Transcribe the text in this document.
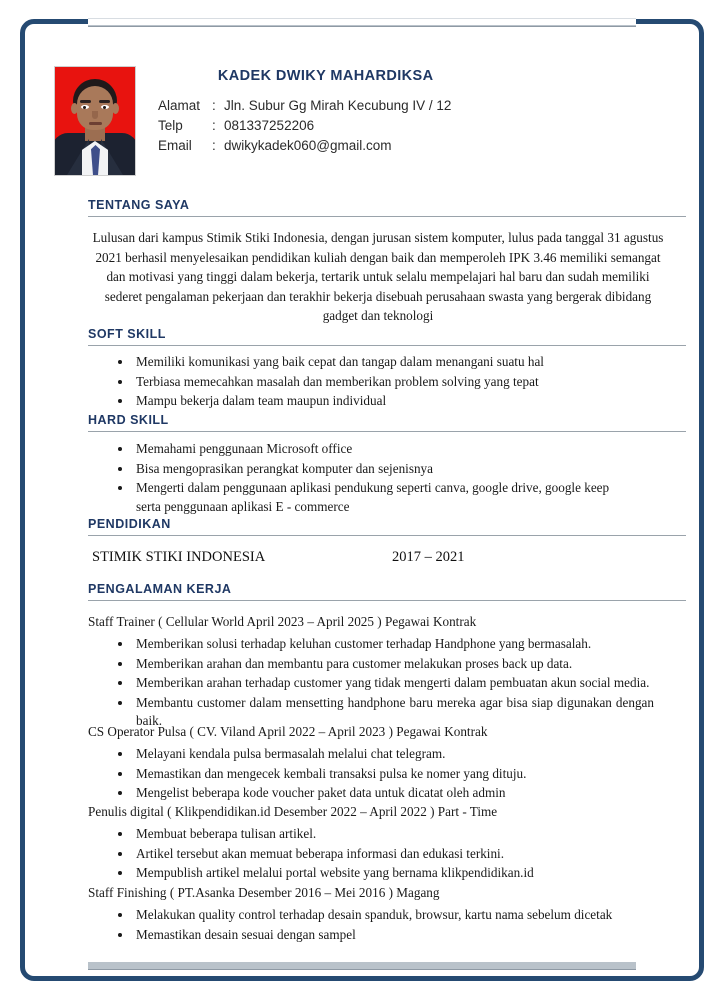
KADEK DWIKY MAHARDIKSA
Alamat : Jln. Subur Gg Mirah Kecubung IV / 12
Telp	: 081337252206
Email	: dwikykadek060@gmail.com
TENTANG SAYA
Lulusan dari kampus Stimik Stiki Indonesia, dengan jurusan sistem komputer, lulus pada tanggal 31 agustus 2021 berhasil menyelesaikan pendidikan kuliah dengan baik dan memperoleh IPK 3.46 memiliki semangat dan motivasi yang tinggi dalam bekerja, tertarik untuk selalu mempelajari hal baru dan sudah memiliki sederet pengalaman pekerjaan dan terakhir bekerja disebuah perusahaan swasta yang bergerak dibidang gadget dan teknologi
SOFT SKILL
Memiliki komunikasi yang baik cepat dan tangap dalam menangani suatu hal
Terbiasa memecahkan masalah dan memberikan problem solving yang tepat
Mampu bekerja dalam team maupun individual
HARD SKILL
Memahami penggunaan Microsoft office
Bisa mengoprasikan perangkat komputer dan sejenisnya
Mengerti dalam penggunaan aplikasi pendukung seperti canva, google drive, google keep serta penggunaan aplikasi E - commerce
PENDIDIKAN
STIMIK STIKI INDONESIA	2017 – 2021
PENGALAMAN KERJA
Staff Trainer ( Cellular World April 2023 – April 2025 ) Pegawai Kontrak
Memberikan solusi terhadap keluhan customer terhadap Handphone yang bermasalah.
Memberikan arahan dan membantu para customer melakukan proses back up data.
Memberikan arahan terhadap customer yang tidak mengerti dalam pembuatan akun social media.
Membantu customer dalam mensetting handphone baru mereka agar bisa siap digunakan dengan baik.
CS Operator Pulsa ( CV. Viland April 2022 – April 2023 ) Pegawai Kontrak
Melayani kendala pulsa bermasalah melalui chat telegram.
Memastikan dan mengecek kembali transaksi pulsa ke nomer yang dituju.
Mengelist beberapa kode voucher paket data untuk dicatat oleh admin
Penulis digital ( Klikpendidikan.id Desember 2022 – April 2022 ) Part - Time
Membuat beberapa tulisan artikel.
Artikel tersebut akan memuat beberapa informasi dan edukasi terkini.
Mempublish artikel melalui portal website yang bernama klikpendidikan.id
Staff Finishing ( PT.Asanka Desember 2016 – Mei 2016 ) Magang
Melakukan quality control terhadap desain spanduk, browsur, kartu nama sebelum dicetak
Memastikan desain sesuai dengan sampel
